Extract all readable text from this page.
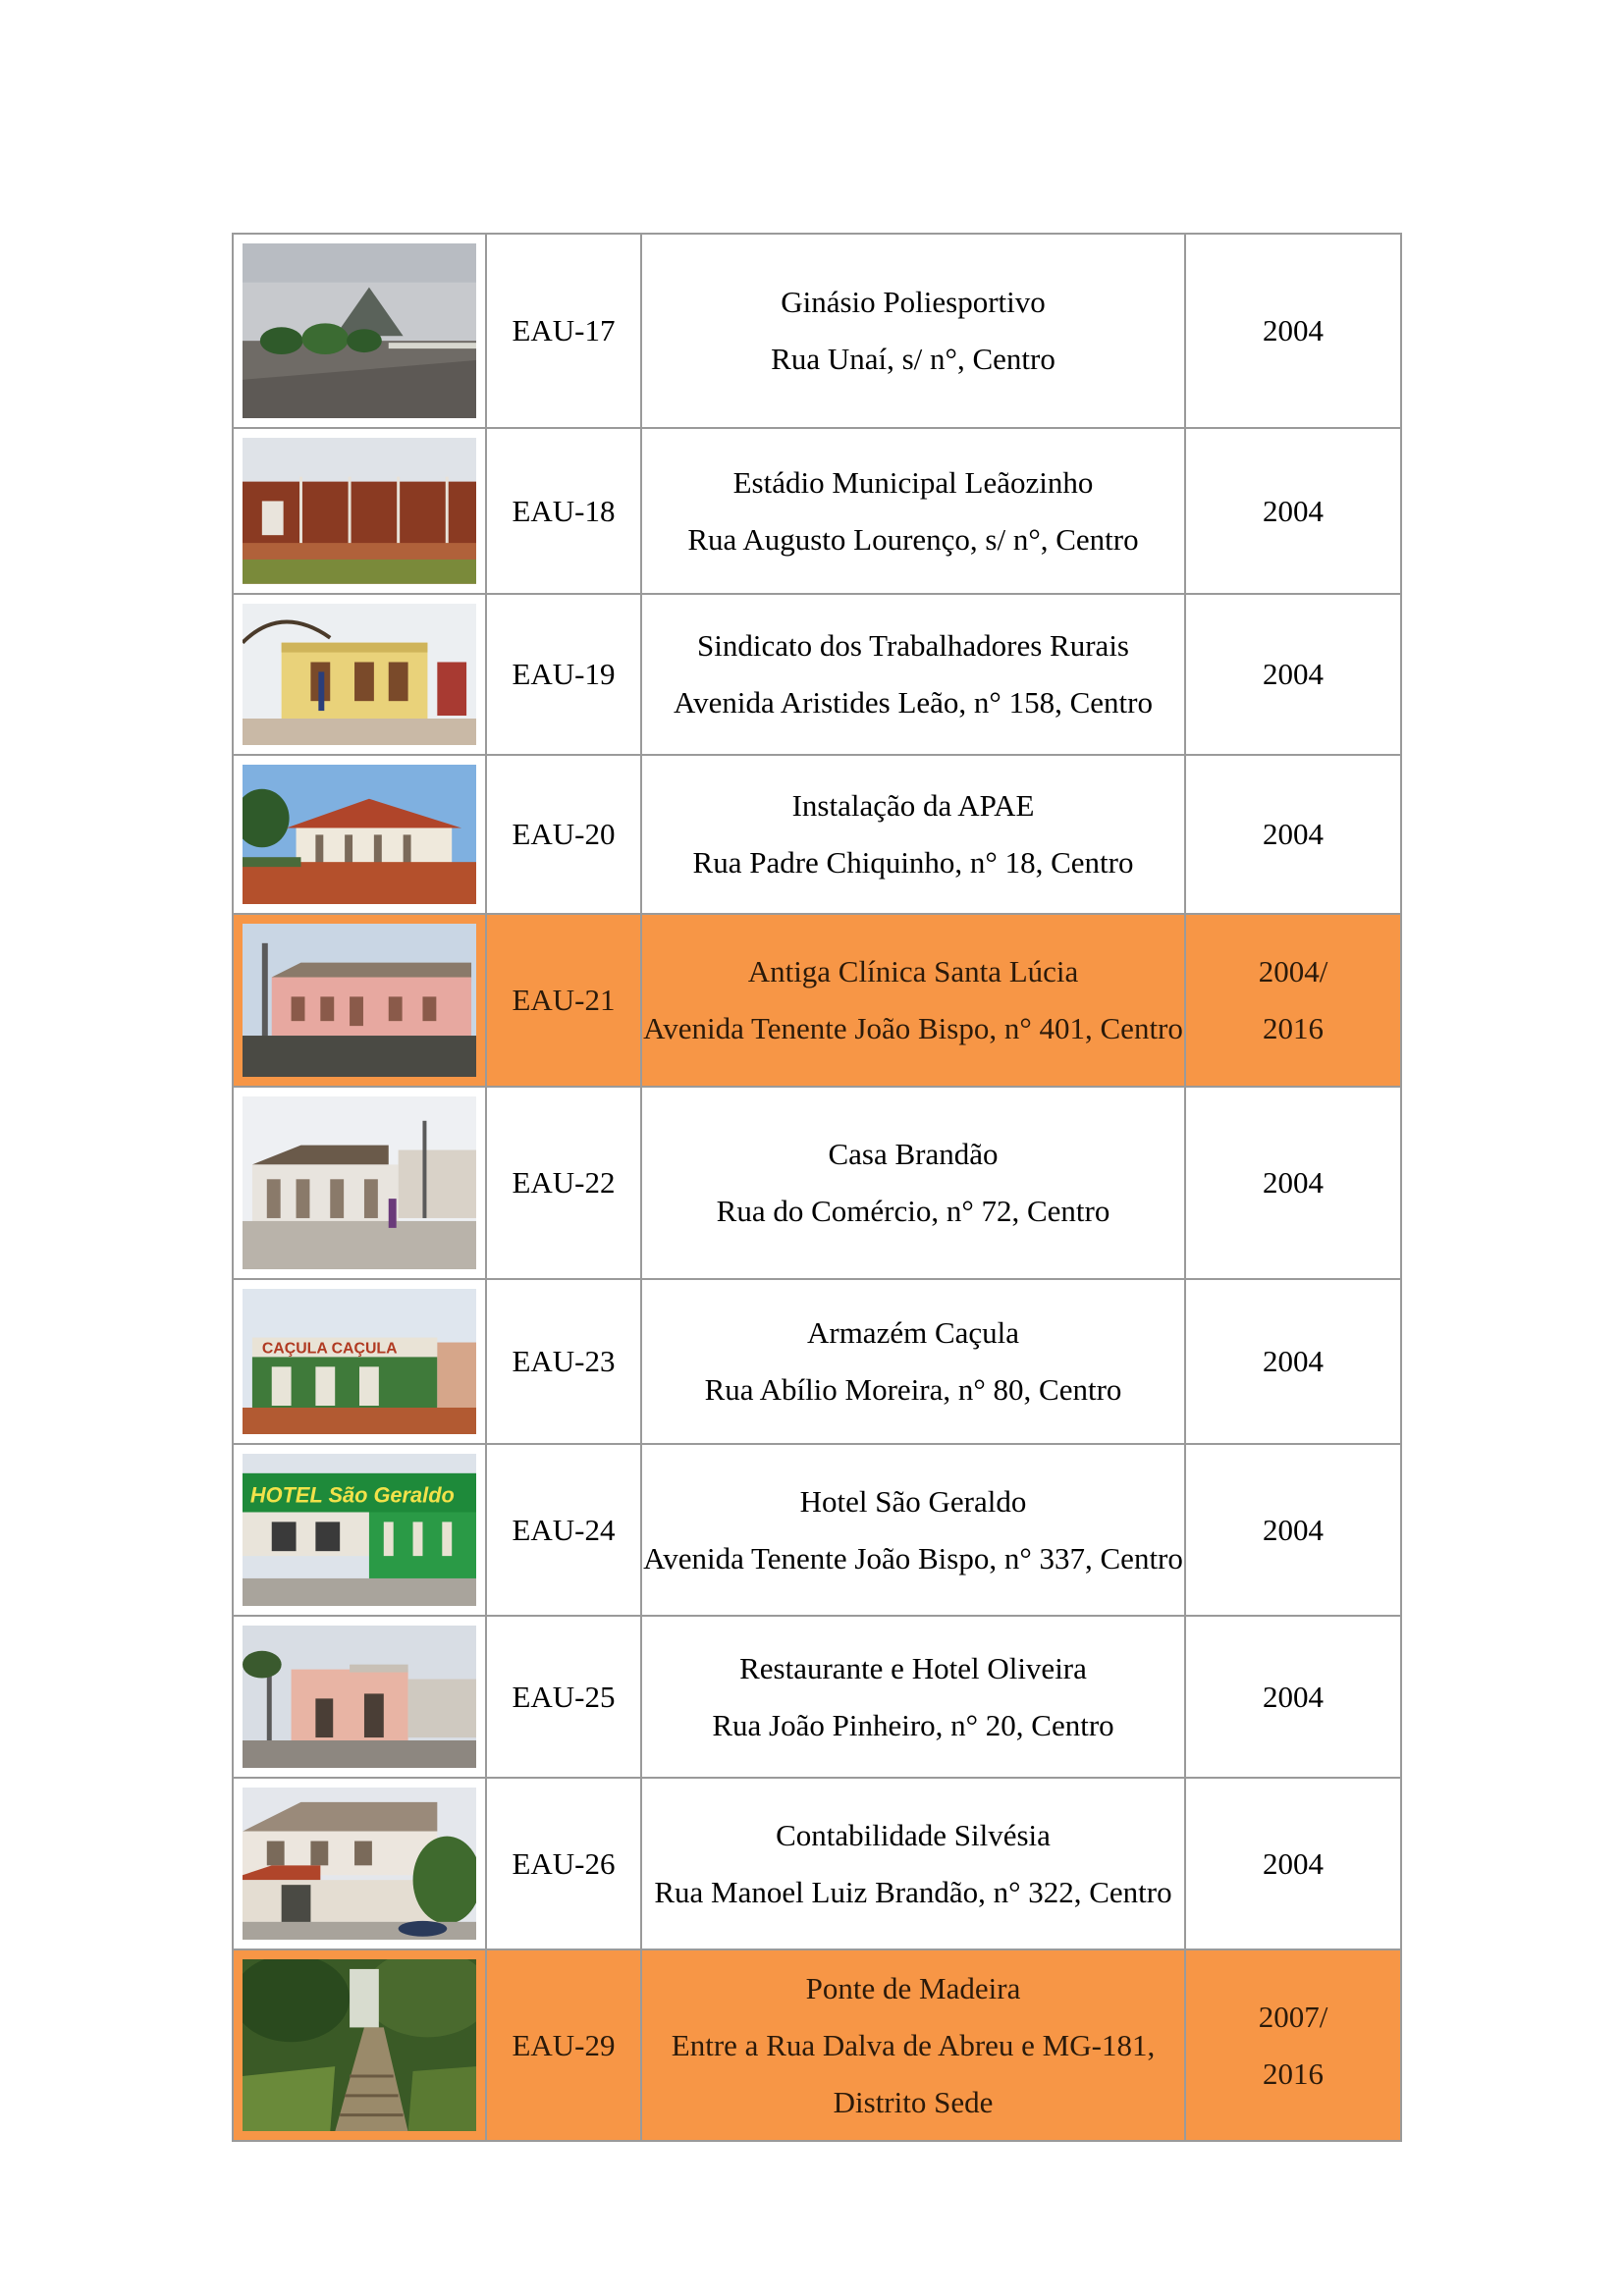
	EAU-17	Ginásio Poliesportivo
Rua Unaí, s/ n°, Centro	2004

	EAU-18	Estádio Municipal Leãozinho
Rua Augusto Lourenço, s/ n°, Centro	2004

	EAU-19	Sindicato dos Trabalhadores Rurais
Avenida Aristides Leão, n° 158, Centro	2004

	EAU-20	Instalação da APAE
Rua Padre Chiquinho, n° 18, Centro	2004

	EAU-21	Antiga Clínica Santa Lúcia
Avenida Tenente João Bispo, n° 401, Centro	2004/ 2016

	EAU-22	Casa Brandão
Rua do Comércio, n° 72, Centro	2004

CAÇULA CAÇULA	EAU-23	Armazém Caçula
Rua Abílio Moreira, n° 80, Centro	2004

HOTEL São Geraldo	EAU-24	Hotel São Geraldo
Avenida Tenente João Bispo, n° 337, Centro	2004

	EAU-25	Restaurante e Hotel Oliveira
Rua João Pinheiro, n° 20, Centro	2004

	EAU-26	Contabilidade Silvésia
Rua Manoel Luiz Brandão, n° 322, Centro	2004

	EAU-29	Ponte de Madeira
Entre a Rua Dalva de Abreu e MG-181, Distrito Sede	2007/ 2016
